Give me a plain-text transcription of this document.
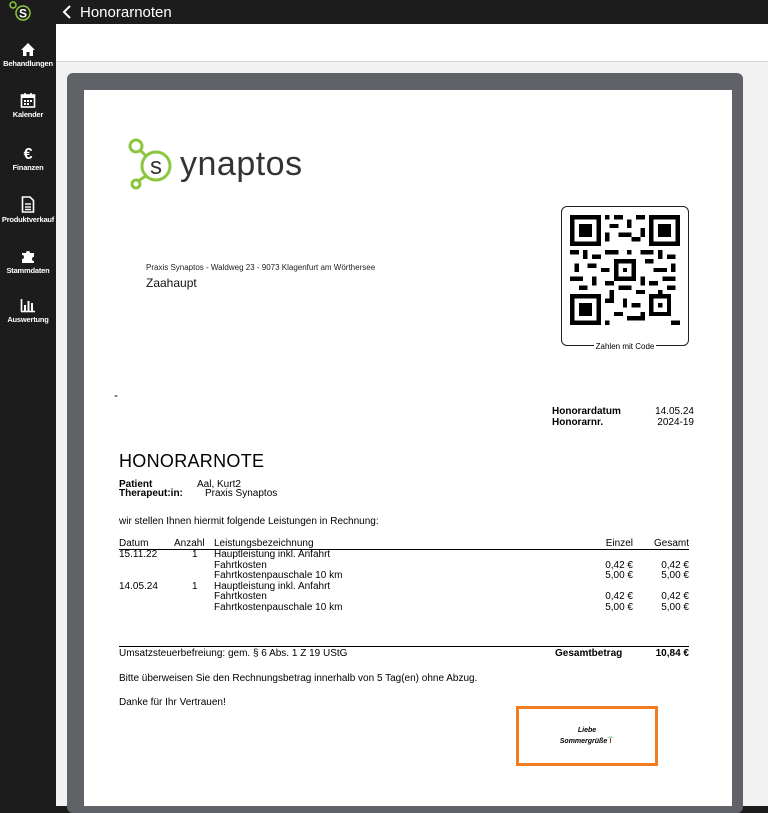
S	Honorarnoten
Behandlungen
Kalender
€
Finanzen
Produktverkauf
Stammdaten
Auswertung
s ynaptos
Praxis Synaptos - Waldweg 23 - 9073 Klagenfurt am Wörthersee
Zaahaupt
Zahlen mit Code
-
Honorardatum	14.05.24
Honorarnr.	2024-19
HONORARNOTE
Patient	Aal, Kurt2
Therapeut:in: Praxis Synaptos
wir stellen Ihnen hiermit folgende Leistungen in Rechnung:
Datum	Anzahl Leistungsbezeichnung	Einzel	Gesamt
15.11.22	1	Hauptleistung inkl. Anfahrt
Fahrtkosten	0,42 €	0,42 €
Fahrtkostenpauschale 10 km	5,00 €	5,00 €
14.05.24	1	Hauptleistung inkl. Anfahrt
Fahrtkosten	0,42 €	0,42 €
Fahrtkostenpauschale 10 km	5,00 €	5,00 €
Umsatzsteuerbefreiung: gem. § 6 Abs. 1 Z 19 UStG	Gesamtbetrag	10,84 €
Bitte überweisen Sie den Rechnungsbetrag innerhalb von 5 Tag(en) ohne Abzug.
Danke für Ihr Vertrauen!
Liebe
Sommergrüße
